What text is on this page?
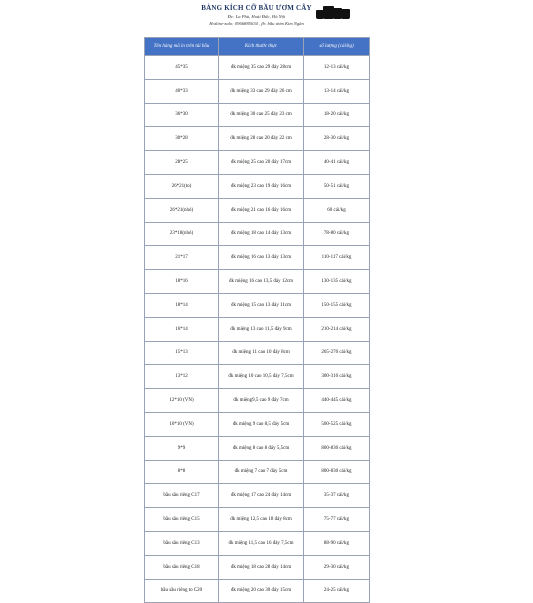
BẢNG KÍCH CỠ BẦU ƯƠM CÂY
Đc: La Phù, Hoài Đức, Hà Nội
Hotline-zalo: 0966885634 , fb: bầu ươm Kim Ngân
Tên hàng mã in trên túi bầu	Kích thước thực	số lượng (cái/kg)
45*35	đk miệng 35 cao 29 đáy 28cm	12-13 cái/kg
40*33	đk miệng 33 cao 29 đáy 26 cm	13-14 cái/kg
36*30	đk miệng 30 cao 25 đáy 23 cm	18-20 cái/kg
30*28	đk miệng 28 cao 20 đáy 22 cm	28-30 cái/kg
28*25	đk miệng 25 cao 20 đáy 17cm	40-41 cái/kg
26*21(to)	đk miệng 23 cao 19 đáy 16cm	50-51 cái/kg
26*21(nhỏ)	đk miệng 21 cao 16 đáy 16cm	60 cái/kg
23*18(nhỏ)	đk miệng 18 cao 14 đáy 13cm	78-80 cái/kg
21*17	đk miệng 16 cao 13 đáy 13cm	110-117 cái/kg
18*16	đk miệng 16 cao 13,5 đáy 12cm	130-135 cái/kg
18*14	đk miệng 15 cao 13 đáy 11cm	150-155 cái/kg
16*14	đk miệng 13 cao 11,5 đáy 9cm	210-214 cái/kg
15*13	đk miệng 11 cao 10 đáy 8cm	265-270 cái/kg
13*12	đk miệng 10 cao 10,5 đáy 7,5cm	300-310 cái/kg
12*10 (VN)	đk miệng9,5 cao 9 đáy 7cm	440-445 cái/kg
10*10 (VN)	đk miệng 9 cao 8,5 đáy 5cm	500-525 cái/kg
9*9	đk miệng 8 cao 8 đáy 5,5cm	800-830 cái/kg
8*8	đk miệng 7 cao 7 đáy 5cm	800-830 cái/kg
bầu sầu riêng C17	đk miệng 17 cao 24 đáy 14cm	35-37 cái/kg
bầu sầu riêng C15	đk miệng 12,5 cao 18 đáy 8cm	75-77 cái/kg
bầu sầu riêng C13	đk miệng 11,5 cao 16 đáy 7,5cm	88-90 cái/kg
bầu sầu riêng C18	đk miệng 18 cao 28 đáy 14cm	29-30 cái/kg
bầu sầu riêng to C20	đk miệng 20 cao 30 đáy 15cm	24-25 cái/kg
